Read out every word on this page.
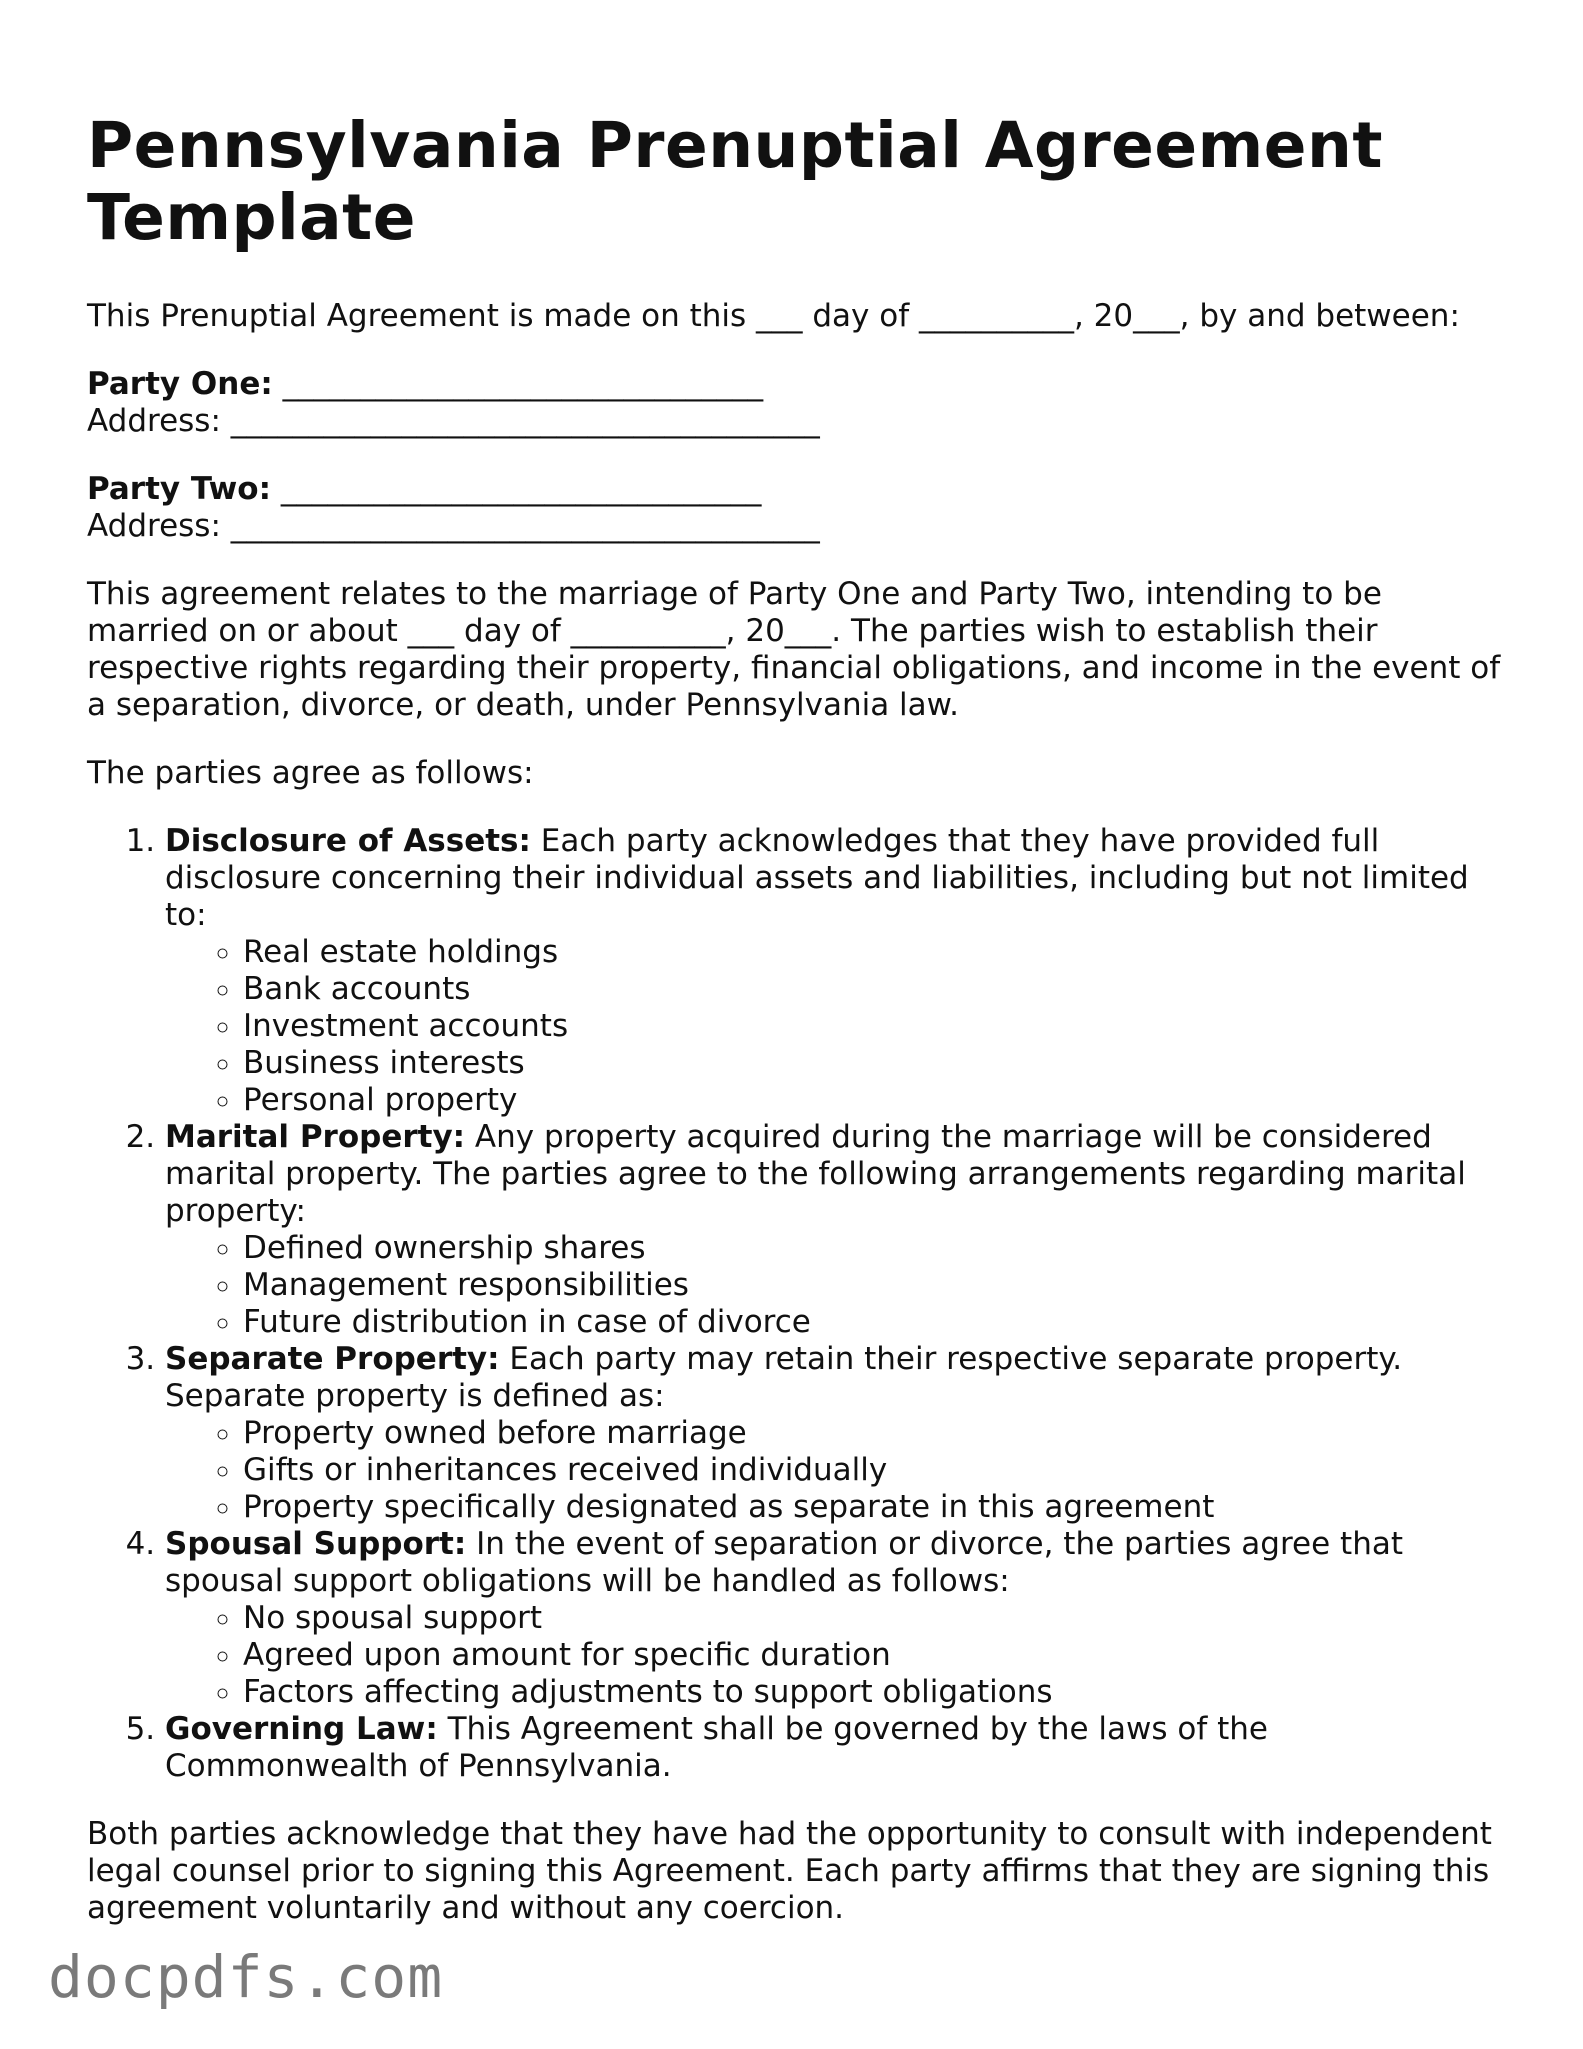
Pennsylvania Prenuptial Agreement Template

This Prenuptial Agreement is made on this ___ day of __________, 20___, by and between:

Party One: _______________________________
Address: ______________________________________
Party Two: _______________________________
Address: ______________________________________

This agreement relates to the marriage of Party One and Party Two, intending to be married on or about ___ day of __________, 20___. The parties wish to establish their respective rights regarding their property, financial obligations, and income in the event of a separation, divorce, or death, under Pennsylvania law.

The parties agree as follows:

1. Disclosure of Assets: Each party acknowledges that they have provided full disclosure concerning their individual assets and liabilities, including but not limited to:
◦ Real estate holdings
◦ Bank accounts
◦ Investment accounts
◦ Business interests
◦ Personal property
2. Marital Property: Any property acquired during the marriage will be considered marital property. The parties agree to the following arrangements regarding marital property:
◦ Defined ownership shares
◦ Management responsibilities
◦ Future distribution in case of divorce
3. Separate Property: Each party may retain their respective separate property. Separate property is defined as:
◦ Property owned before marriage
◦ Gifts or inheritances received individually
◦ Property specifically designated as separate in this agreement
4. Spousal Support: In the event of separation or divorce, the parties agree that spousal support obligations will be handled as follows:
◦ No spousal support
◦ Agreed upon amount for specific duration
◦ Factors affecting adjustments to support obligations
5. Governing Law: This Agreement shall be governed by the laws of the Commonwealth of Pennsylvania.

Both parties acknowledge that they have had the opportunity to consult with independent legal counsel prior to signing this Agreement. Each party affirms that they are signing this agreement voluntarily and without any coercion.

docpdfs.com
